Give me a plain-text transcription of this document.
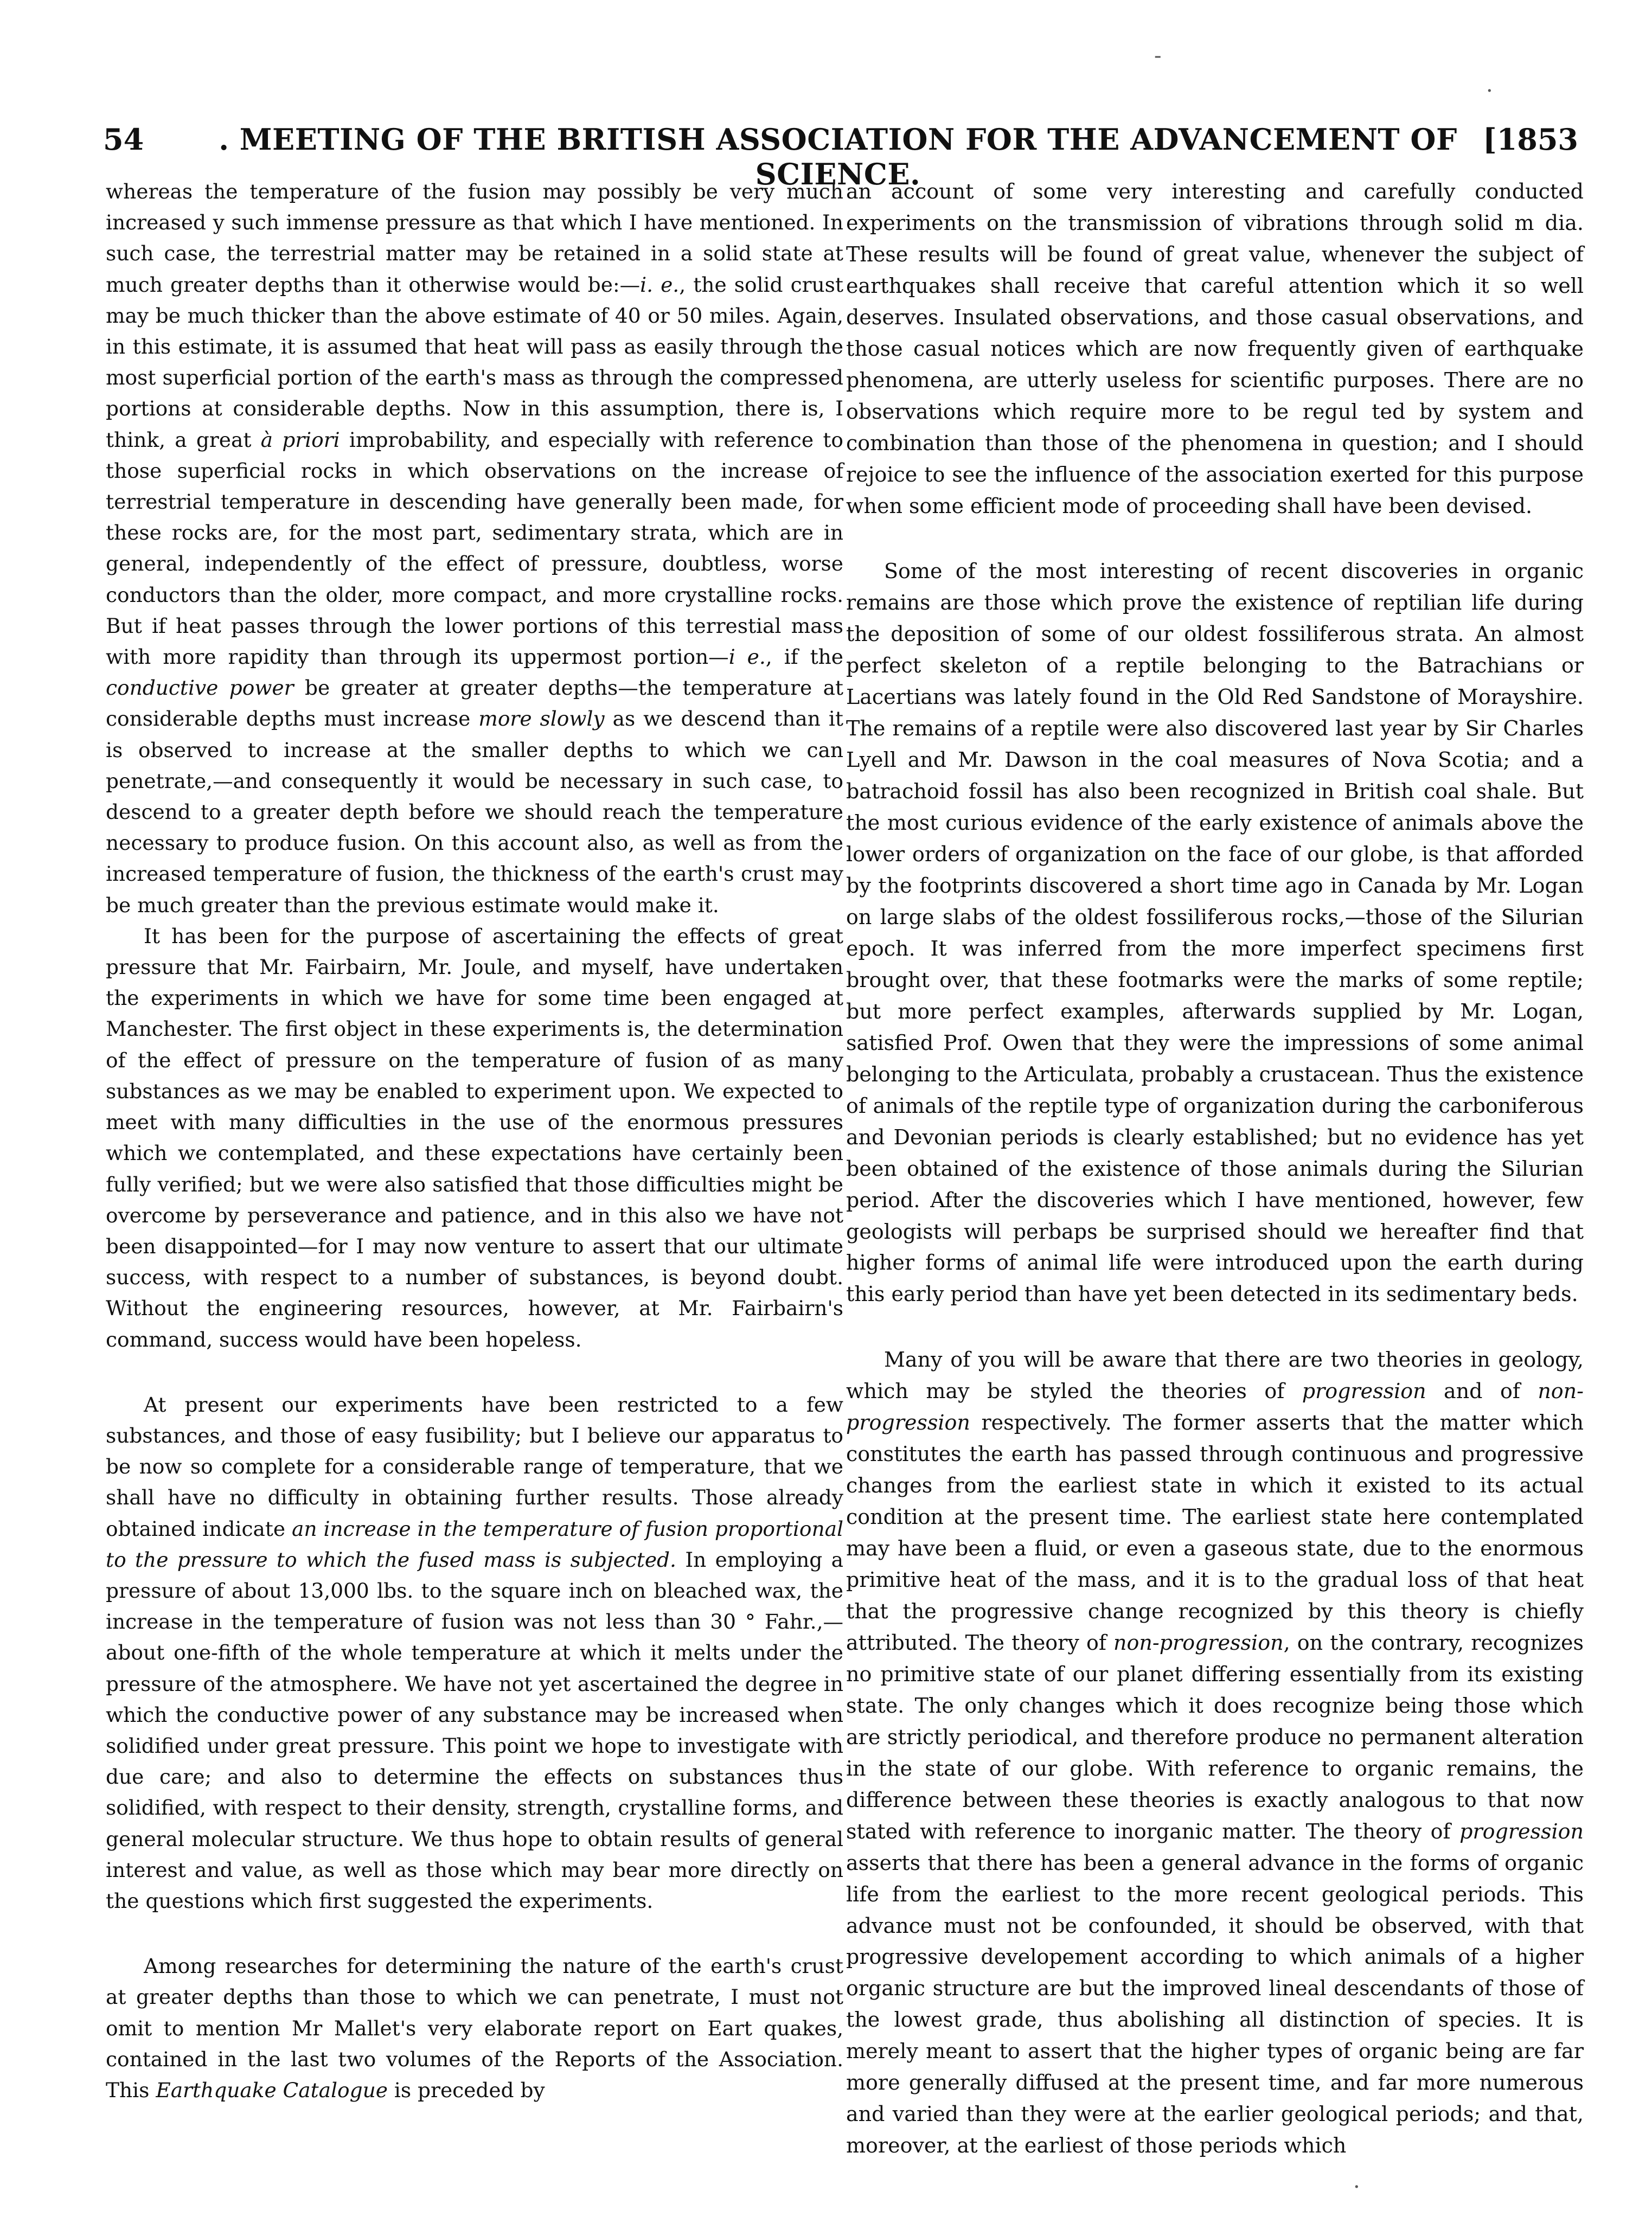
-
·
·
54	. MEETING OF THE BRITISH ASSOCIATION FOR THE ADVANCEMENT OF SCIENCE.
[1853

whereas the temperature of the fusion may possibly be very much increased y such immense pressure as that which I have mentioned. In such case, the terrestrial matter may be retained in a solid state at much greater depths than it otherwise would be:—i. e., the solid crust may be much thicker than the above estimate of 40 or 50 miles. Again, in this estimate, it is assumed that heat will pass as easily through the most superficial portion of the earth's mass as through the compressed portions at considerable depths. Now in this assumption, there is, I think, a great à priori improbability, and especially with reference to those superficial rocks in which observations on the increase of terrestrial temperature in descending have generally been made, for these rocks are, for the most part, sedimentary strata, which are in general, independently of the effect of pressure, doubtless, worse conductors than the older, more compact, and more crystalline rocks. But if heat passes through the lower portions of this terrestial mass with more rapidity than through its uppermost portion—i e., if the conductive power be greater at greater depths—the temperature at considerable depths must increase more slowly as we descend than it is observed to increase at the smaller depths to which we can penetrate,—and consequently it would be necessary in such case, to descend to a greater depth before we should reach the temperature necessary to produce fusion. On this account also, as well as from the increased temperature of fusion, the thickness of the earth's crust may be much greater than the previous estimate would make it.

It has been for the purpose of ascertaining the effects of great pressure that Mr. Fairbairn, Mr. Joule, and myself, have undertaken the experiments in which we have for some time been engaged at Manchester. The first object in these experiments is, the determination of the effect of pressure on the temperature of fusion of as many substances as we may be enabled to experiment upon. We expected to meet with many difficulties in the use of the enormous pressures which we contemplated, and these expectations have certainly been fully verified; but we were also satisfied that those difficulties might be overcome by perseverance and patience, and in this also we have not been disappointed—for I may now venture to assert that our ultimate success, with respect to a number of substances, is beyond doubt. Without the engineering resources, however, at Mr. Fairbairn's command, success would have been hopeless.

At present our experiments have been restricted to a few substances, and those of easy fusibility; but I believe our apparatus to be now so complete for a considerable range of temperature, that we shall have no difficulty in obtaining further results. Those already obtained indicate an increase in the temperature of fusion proportional to the pressure to which the fused mass is subjected. In employing a pressure of about 13,000 lbs. to the square inch on bleached wax, the increase in the temperature of fusion was not less than 30 ° Fahr.,—about one-fifth of the whole temperature at which it melts under the pressure of the atmosphere. We have not yet ascertained the degree in which the conductive power of any substance may be increased when solidified under great pressure. This point we hope to investigate with due care; and also to determine the effects on substances thus solidified, with respect to their density, strength, crystalline forms, and general molecular structure. We thus hope to obtain results of general interest and value, as well as those which may bear more directly on the questions which first suggested the experiments.

Among researches for determining the nature of the earth's crust at greater depths than those to which we can penetrate, I must not omit to mention Mr Mallet's very elaborate report on Eart quakes, contained in the last two volumes of the Reports of the Association. This Earthquake Catalogue is preceded by

an account of some very interesting and carefully conducted experiments on the transmission of vibrations through solid m dia. These results will be found of great value, whenever the subject of earthquakes shall receive that careful attention which it so well deserves. Insulated observations, and those casual observations, and those casual notices which are now frequently given of earthquake phenomena, are utterly useless for scientific purposes. There are no observations which require more to be regul ted by system and combination than those of the phenomena in question; and I should rejoice to see the influence of the association exerted for this purpose when some efficient mode of proceeding shall have been devised.

Some of the most interesting of recent discoveries in organic remains are those which prove the existence of reptilian life during the deposition of some of our oldest fossiliferous strata. An almost perfect skeleton of a reptile belonging to the Batrachians or Lacertians was lately found in the Old Red Sandstone of Morayshire. The remains of a reptile were also discovered last year by Sir Charles Lyell and Mr. Dawson in the coal measures of Nova Scotia; and a batrachoid fossil has also been recognized in British coal shale. But the most curious evidence of the early existence of animals above the lower orders of organization on the face of our globe, is that afforded by the footprints discovered a short time ago in Canada by Mr. Logan on large slabs of the oldest fossiliferous rocks,—those of the Silurian epoch. It was inferred from the more imperfect specimens first brought over, that these footmarks were the marks of some reptile; but more perfect examples, afterwards supplied by Mr. Logan, satisfied Prof. Owen that they were the impressions of some animal belonging to the Articulata, probably a crustacean. Thus the existence of animals of the reptile type of organization during the carboniferous and Devonian periods is clearly established; but no evidence has yet been obtained of the existence of those animals during the Silurian period. After the discoveries which I have mentioned, however, few geologists will perbaps be surprised should we hereafter find that higher forms of animal life were introduced upon the earth during this early period than have yet been detected in its sedimentary beds.

Many of you will be aware that there are two theories in geology, which may be styled the theories of progression and of non-progression respectively. The former asserts that the matter which constitutes the earth has passed through continuous and progressive changes from the earliest state in which it existed to its actual condition at the present time. The earliest state here contemplated may have been a fluid, or even a gaseous state, due to the enormous primitive heat of the mass, and it is to the gradual loss of that heat that the progressive change recognized by this theory is chiefly attributed. The theory of non-progression, on the contrary, recognizes no primitive state of our planet differing essentially from its existing state. The only changes which it does recognize being those which are strictly periodical, and therefore produce no permanent alteration in the state of our globe. With reference to organic remains, the difference between these theories is exactly analogous to that now stated with reference to inorganic matter. The theory of progression asserts that there has been a general advance in the forms of organic life from the earliest to the more recent geological periods. This advance must not be confounded, it should be observed, with that progressive developement according to which animals of a higher organic structure are but the improved lineal descendants of those of the lowest grade, thus abolishing all distinction of species. It is merely meant to assert that the higher types of organic being are far more generally diffused at the present time, and far more numerous and varied than they were at the earlier geological periods; and that, moreover, at the earliest of those periods which
